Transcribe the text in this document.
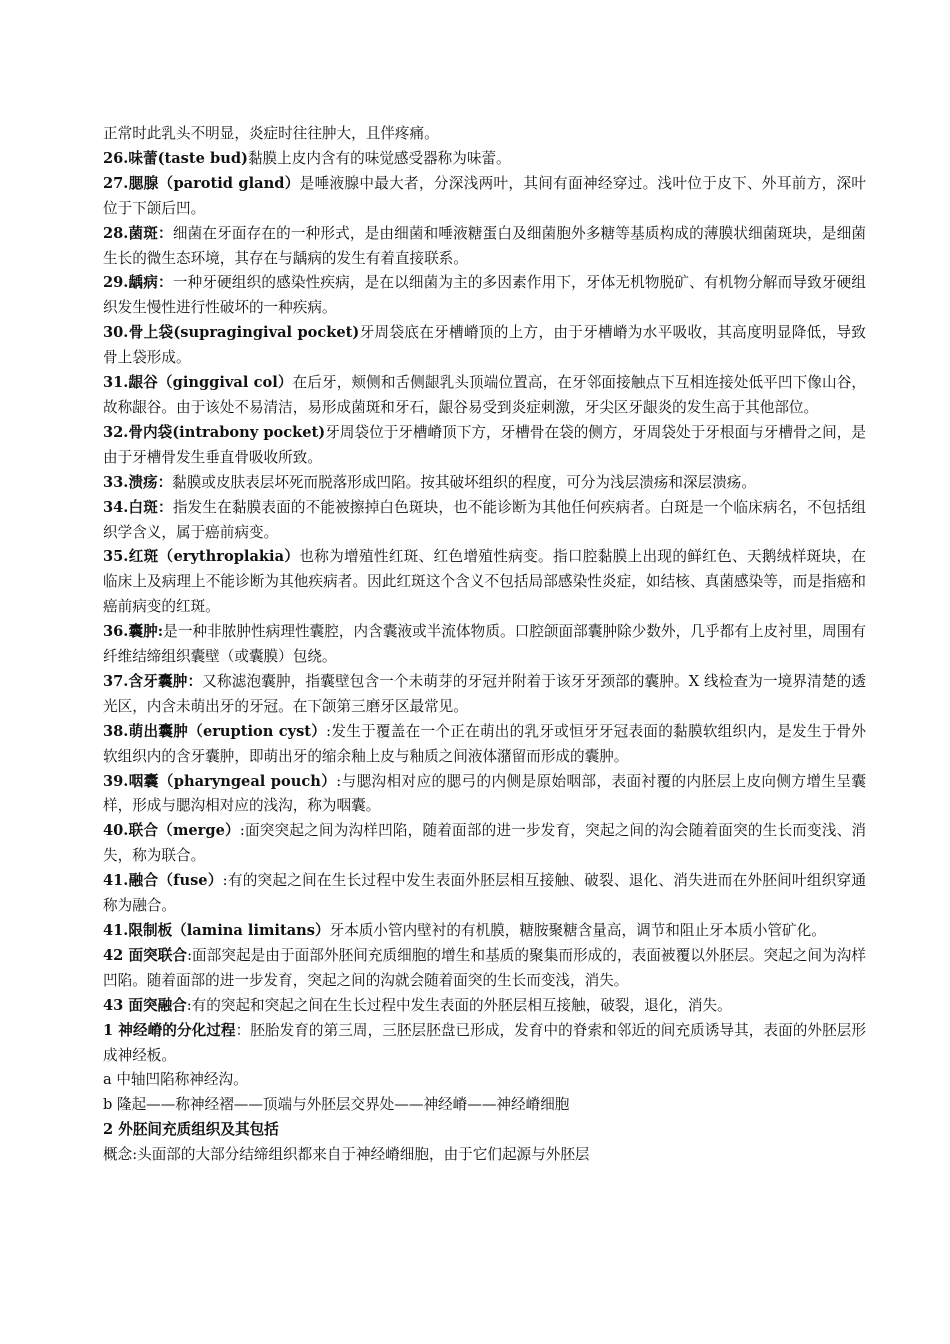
正常时此乳头不明显，炎症时往往肿大，且伴疼痛。

26.味蕾(taste bud)黏膜上皮内含有的味觉感受器称为味蕾。

27.腮腺（parotid gland）是唾液腺中最大者，分深浅两叶，其间有面神经穿过。浅叶位于皮下、外耳前方，深叶位于下颌后凹。

28.菌斑：细菌在牙面存在的一种形式，是由细菌和唾液糖蛋白及细菌胞外多糖等基质构成的薄膜状细菌斑块，是细菌生长的微生态环境，其存在与龋病的发生有着直接联系。

29.龋病：一种牙硬组织的感染性疾病，是在以细菌为主的多因素作用下，牙体无机物脱矿、有机物分解而导致牙硬组织发生慢性进行性破坏的一种疾病。

30.骨上袋(supragingival pocket)牙周袋底在牙槽嵴顶的上方，由于牙槽嵴为水平吸收，其高度明显降低，导致骨上袋形成。

31.龈谷（ginggival col）在后牙，颊侧和舌侧龈乳头顶端位置高，在牙邻面接触点下互相连接处低平凹下像山谷，故称龈谷。由于该处不易清洁，易形成菌斑和牙石，龈谷易受到炎症刺激，牙尖区牙龈炎的发生高于其他部位。

32.骨内袋(intrabony pocket)牙周袋位于牙槽嵴顶下方，牙槽骨在袋的侧方，牙周袋处于牙根面与牙槽骨之间，是由于牙槽骨发生垂直骨吸收所致。

33.溃疡：黏膜或皮肤表层坏死而脱落形成凹陷。按其破坏组织的程度，可分为浅层溃疡和深层溃疡。

34.白斑：指发生在黏膜表面的不能被擦掉白色斑块，也不能诊断为其他任何疾病者。白斑是一个临床病名，不包括组织学含义，属于癌前病变。

35.红斑（erythroplakia）也称为增殖性红斑、红色增殖性病变。指口腔黏膜上出现的鲜红色、天鹅绒样斑块，在临床上及病理上不能诊断为其他疾病者。因此红斑这个含义不包括局部感染性炎症，如结核、真菌感染等，而是指癌和癌前病变的红斑。

36.囊肿:是一种非脓肿性病理性囊腔，内含囊液或半流体物质。口腔颌面部囊肿除少数外，几乎都有上皮衬里，周围有纤维结缔组织囊壁（或囊膜）包绕。

37.含牙囊肿：又称滤泡囊肿，指囊壁包含一个未萌芽的牙冠并附着于该牙牙颈部的囊肿。X 线检查为一境界清楚的透光区，内含未萌出牙的牙冠。在下颌第三磨牙区最常见。

38.萌出囊肿（eruption cyst）:发生于覆盖在一个正在萌出的乳牙或恒牙牙冠表面的黏膜软组织内，是发生于骨外软组织内的含牙囊肿，即萌出牙的缩余釉上皮与釉质之间液体潴留而形成的囊肿。

39.咽囊（pharyngeal pouch）:与腮沟相对应的腮弓的内侧是原始咽部，表面衬覆的内胚层上皮向侧方增生呈囊样，形成与腮沟相对应的浅沟，称为咽囊。

40.联合（merge）:面突突起之间为沟样凹陷，随着面部的进一步发育，突起之间的沟会随着面突的生长而变浅、消失，称为联合。

41.融合（fuse）:有的突起之间在生长过程中发生表面外胚层相互接触、破裂、退化、消失进而在外胚间叶组织穿通称为融合。

41.限制板（lamina limitans）牙本质小管内壁衬的有机膜，糖胺聚糖含量高，调节和阻止牙本质小管矿化。

42 面突联合:面部突起是由于面部外胚间充质细胞的增生和基质的聚集而形成的，表面被覆以外胚层。突起之间为沟样凹陷。随着面部的进一步发育，突起之间的沟就会随着面突的生长而变浅，消失。

43 面突融合:有的突起和突起之间在生长过程中发生表面的外胚层相互接触，破裂，退化，消失。

1 神经嵴的分化过程：胚胎发育的第三周，三胚层胚盘已形成，发育中的脊索和邻近的间充质诱导其，表面的外胚层形成神经板。

a 中轴凹陷称神经沟。

b 隆起——称神经褶——顶端与外胚层交界处——神经嵴——神经嵴细胞

2 外胚间充质组织及其包括

概念:头面部的大部分结缔组织都来自于神经嵴细胞，由于它们起源与外胚层
